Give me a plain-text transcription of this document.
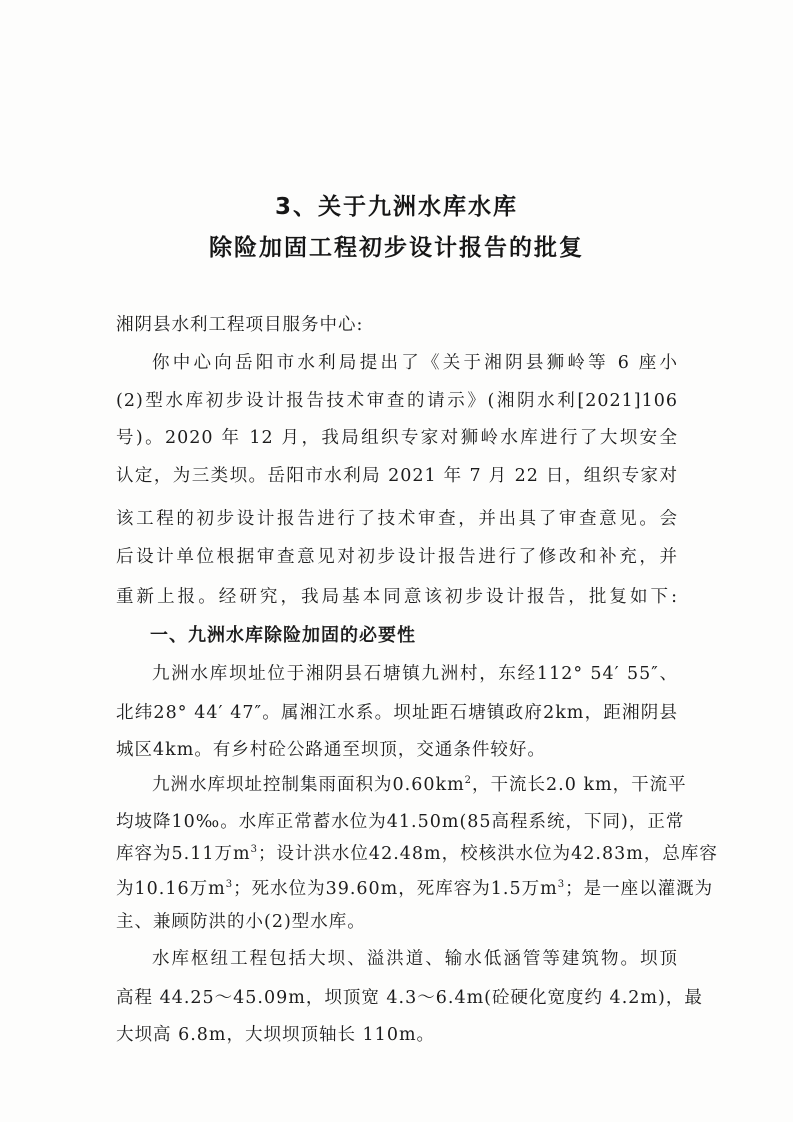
3、关于九洲水库水库
除险加固工程初步设计报告的批复
湘阴县水利工程项目服务中心:
你中心向岳阳市水利局提出了《关于湘阴县狮岭等 6 座小
(2)型水库初步设计报告技术审查的请示》(湘阴水利[2021]106
号)。2020 年 12 月，我局组织专家对狮岭水库进行了大坝安全
认定，为三类坝。岳阳市水利局 2021 年 7 月 22 日，组织专家对
该工程的初步设计报告进行了技术审查，并出具了审查意见。会
后设计单位根据审查意见对初步设计报告进行了修改和补充，并
重新上报。经研究，我局基本同意该初步设计报告，批复如下:
一、九洲水库除险加固的必要性
九洲水库坝址位于湘阴县石塘镇九洲村，东经112° 54′ 55″、
北纬28° 44′ 47″。属湘江水系。坝址距石塘镇政府2km，距湘阴县
城区4km。有乡村砼公路通至坝顶，交通条件较好。
九洲水库坝址控制集雨面积为$0.60km^2$，干流长2.0 km，干流平
均坡降10‰。水库正常蓄水位为41.50m(85高程系统，下同)，正常
库容为5.11万$m^3$；设计洪水位42.48m，校核洪水位为42.83m，总库容
为10.16万$m^3$；死水位为39.60m，死库容为1.5万$m^3$；是一座以灌溉为
主、兼顾防洪的小(2)型水库。
水库枢纽工程包括大坝、溢洪道、输水低涵管等建筑物。坝顶
高程 44.25～45.09m，坝顶宽 4.3～6.4m(砼硬化宽度约 4.2m)，最
大坝高 6.8m，大坝坝顶轴长 110m。
